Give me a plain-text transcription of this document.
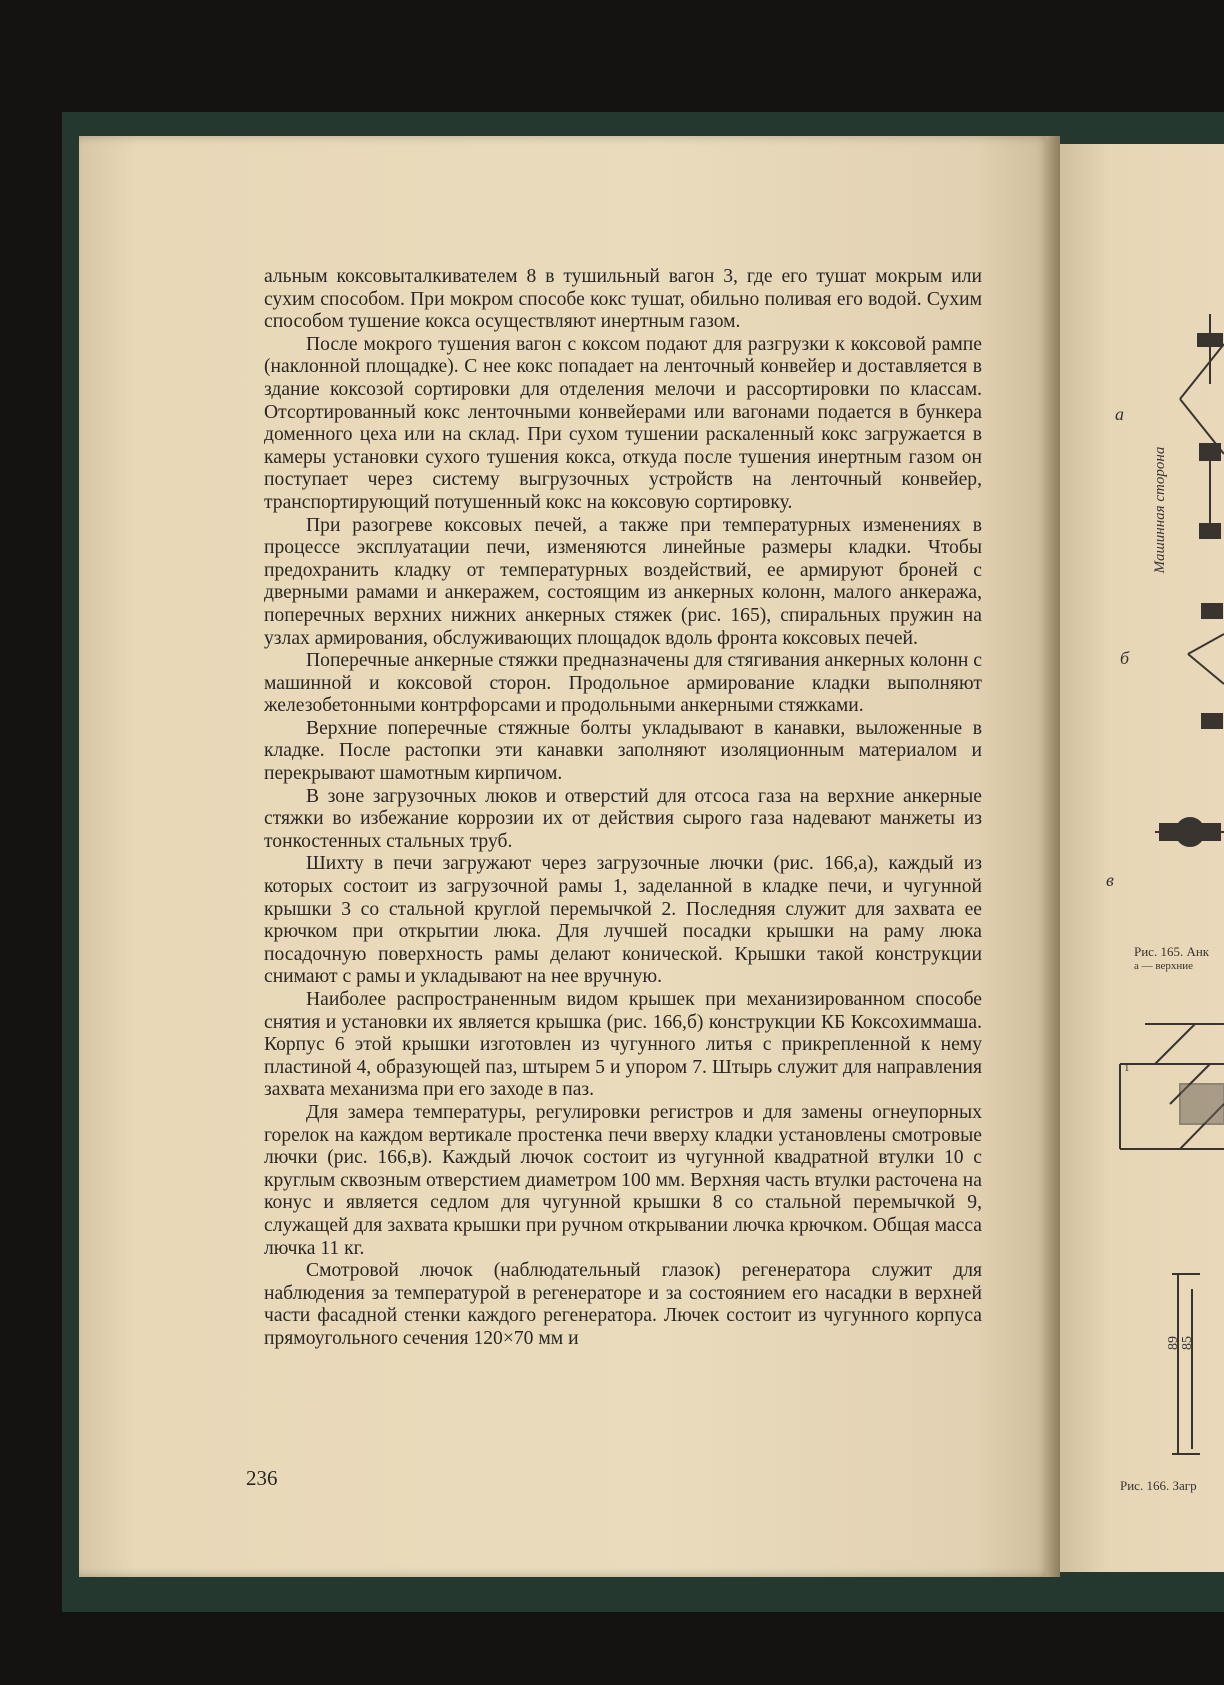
альным коксовыталкивателем 8 в тушильный вагон 3, где его тушат мокрым или сухим способом. При мокром способе кокс тушат, обильно поливая его водой. Сухим способом тушение кокса осуществляют инертным газом.

После мокрого тушения вагон с коксом подают для разгрузки к коксовой рампе (наклонной площадке). С нее кокс попадает на ленточный конвейер и доставляется в здание коксозой сортировки для отделения мелочи и рассортировки по классам. Отсортированный кокс ленточными конвейерами или вагонами подается в бункера доменного цеха или на склад. При сухом тушении раскаленный кокс загружается в камеры установки сухого тушения кокса, откуда после тушения инертным газом он поступает через систему выгрузочных устройств на ленточный конвейер, транспортирующий потушенный кокс на коксовую сортировку.

При разогреве коксовых печей, а также при температурных изменениях в процессе эксплуатации печи, изменяются линейные размеры кладки. Чтобы предохранить кладку от температурных воздействий, ее армируют броней с дверными рамами и анкеражем, состоящим из анкерных колонн, малого анкеража, поперечных верхних нижних анкерных стяжек (рис. 165), спиральных пружин на узлах армирования, обслуживающих площадок вдоль фронта коксовых печей.

Поперечные анкерные стяжки предназначены для стягивания анкерных колонн с машинной и коксовой сторон. Продольное армирование кладки выполняют железобетонными контрфорсами и продольными анкерными стяжками.

Верхние поперечные стяжные болты укладывают в канавки, выложенные в кладке. После растопки эти канавки заполняют изоляционным материалом и перекрывают шамотным кирпичом.

В зоне загрузочных люков и отверстий для отсоса газа на верхние анкерные стяжки во избежание коррозии их от действия сырого газа надевают манжеты из тонкостенных стальных труб.

Шихту в печи загружают через загрузочные лючки (рис. 166,а), каждый из которых состоит из загрузочной рамы 1, заделанной в кладке печи, и чугунной крышки 3 со стальной круглой перемычкой 2. Последняя служит для захвата ее крючком при открытии люка. Для лучшей посадки крышки на раму люка посадочную поверхность рамы делают конической. Крышки такой конструкции снимают с рамы и укладывают на нее вручную.

Наиболее распространенным видом крышек при механизированном способе снятия и установки их является крышка (рис. 166,б) конструкции КБ Коксохиммаша. Корпус 6 этой крышки изготовлен из чугунного литья с прикрепленной к нему пластиной 4, образующей паз, штырем 5 и упором 7. Штырь служит для направления захвата механизма при его заходе в паз.

Для замера температуры, регулировки регистров и для замены огнеупорных горелок на каждом вертикале простенка печи вверху кладки установлены смотровые лючки (рис. 166,в). Каждый лючок состоит из чугунной квадратной втулки 10 с круглым сквозным отверстием диаметром 100 мм. Верхняя часть втулки расточена на конус и является седлом для чугунной крышки 8 со стальной перемычкой 9, служащей для захвата крышки при ручном открывании лючка крючком. Общая масса лючка 11 кг.

Смотровой лючок (наблюдательный глазок) регенератора служит для наблюдения за температурой в регенераторе и за состоянием его насадки в верхней части фасадной стенки каждого регенератора. Лючек состоит из чугунного корпуса прямоугольного сечения 120×70 мм и

236
Машинная сторона
а
б
в
Рис. 165. Анк
а — верхние
1
89 85
Рис. 166. Загр
